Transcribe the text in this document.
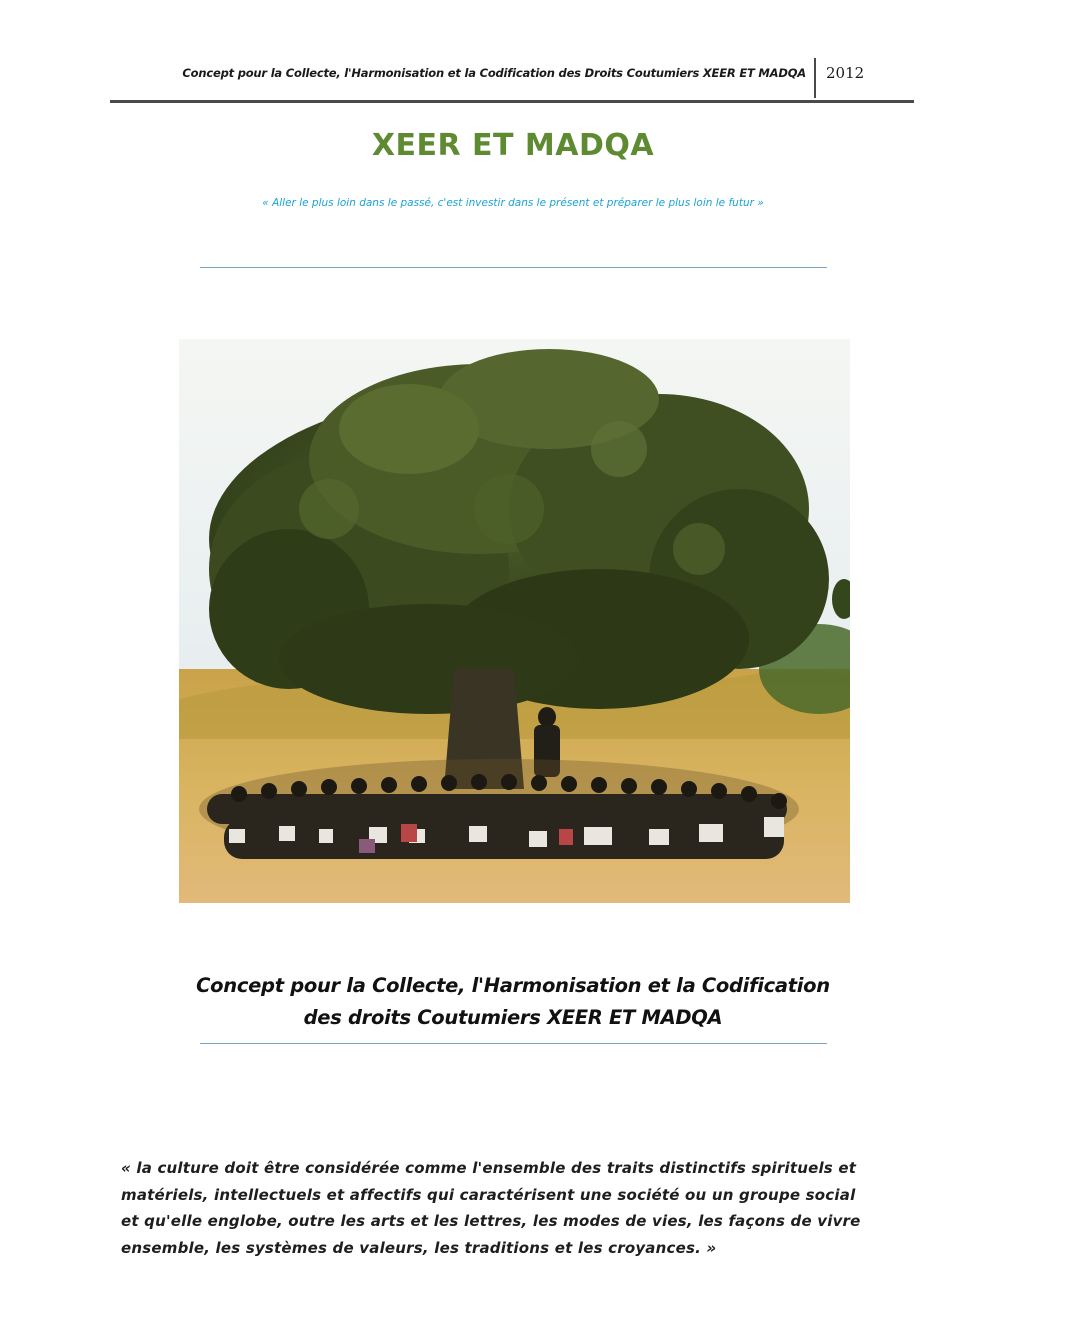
Concept pour la Collecte, l'Harmonisation et la Codification des Droits Coutumiers XEER ET MADQA 2012
XEER ET MADQA
« Aller le plus loin dans le passé, c'est investir dans le présent et préparer le plus loin le futur »
Concept pour la Collecte, l'Harmonisation et la Codification
des droits Coutumiers XEER ET MADQA
« la culture doit être considérée comme l'ensemble des traits distinctifs spirituels et
matériels, intellectuels et affectifs qui caractérisent une société ou un groupe social
et qu'elle englobe, outre les arts et les lettres, les modes de vies, les façons de vivre
ensemble, les systèmes de valeurs, les traditions et les croyances. »
